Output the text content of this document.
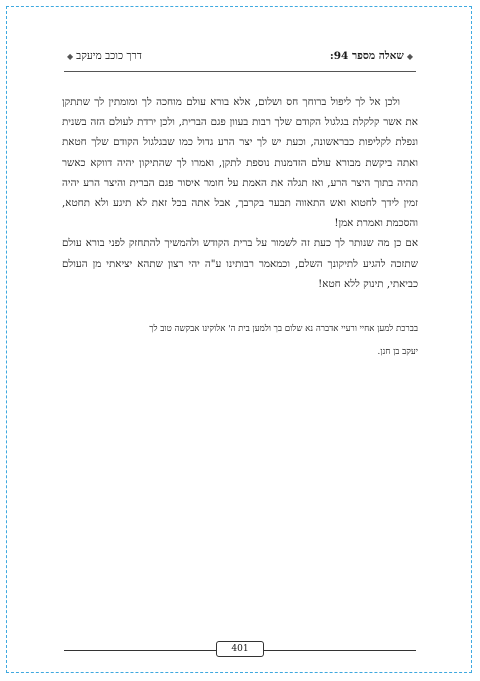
◆שאלה מספר 94:
דרך כוכב מיעקב◆

ולכן אל לך ליפול ברוחך חס ושלום, אלא בורא עולם מוחכה לך ומומתין לך שתתקן את אשר קלקלת בגלגול הקודם שלך רבות בעוון פגם הברית, ולכן ירדת לעולם הזה בשנית ונפלת לקליפות כבראשונה, וכעת יש לך יצר הרע גדול כמו שבגלגול הקודם שלך חטאת ואתה ביקשת מבורא עולם הזדמנות נוספת לתקן, ואמרו לך שהתיקון יהיה דווקא כאשר תהיה בתוך היצר הרע, ואז תגלה את האמת על חומר איסור פגם הברית והיצר הרע יהיה זמין לידך לחטוא ואש התאווה תבער בקרבך, אבל אתה בכל זאת לא תיגע ולא תחטא, והסכמת ואמרת אמן!

אם כן מה שנותר לך כעת זה לשמור על ברית הקודש ולהמשיך להתחזק לפני בורא עולם שתזכה להגיע לתיקונך השלם, וכמאמר רבותינו ע"ה יהי רצון שתהא יציאתי מן העולם כביאתי, תינוק ללא חטא!

בברכת למען אחיי ורעיי אדברה נא שלום בך ולמען בית ה' אלוקינו אבקשה טוב לך
יעקב בן חנן.
401
